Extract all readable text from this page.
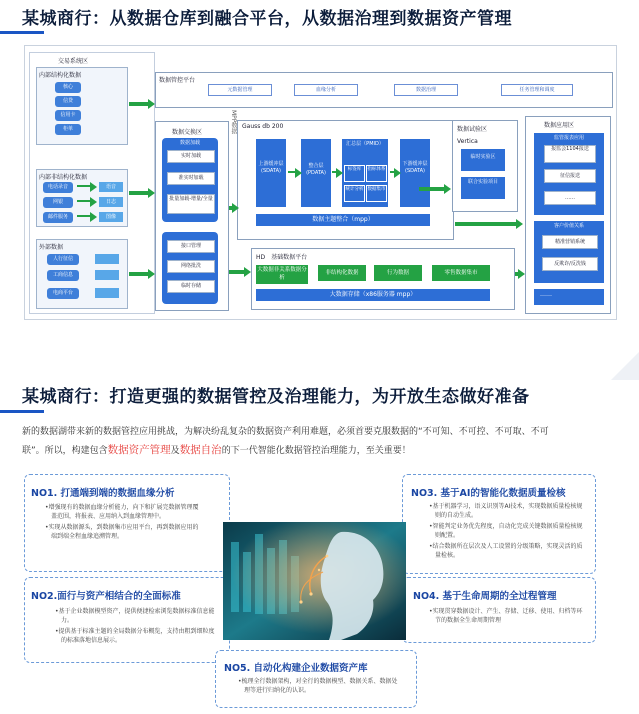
某城商行：从数据仓库到融合平台，从数据治理到数据资产管理
交易系统区
内部结构化数据
核心
信贷
信用卡
柜单
内部非结构化数据
电话录音
网银
邮件服务
语音
日志
图像
外部数据
人行征信
工商信息
电商平台
数据管控平台
元数据管理	血缘分析	数据治理	任务管理和调度
数据交换区
数据加载
实时加载
准实时加载
批量加载-增量/全量
接口管理
网络批洗
临时存储
MPP数据 Gauss db 200
上游缓冲层(SDATA)
整合层(PDATA)
汇总层（PMID）
标签库	指标体系
统计分析 数据集市
下游缓冲层(SDATA)
数据主题整合（mpp）
数据试验区
Vertica
临时实验区
联合实验项目
数据应用区
监管报表应用
报监会1104报送
征信报送
……
客户价值关系
精准营销系统
反欺诈/反洗钱
……
HD　基础数据平台
大数据非关系数据分析
非结构化数据	行为数据	零售数据集市
大数据存储（x86服务器 mpp）
某城商行：打造更强的数据管控及治理能力，为开放生态做好准备
新的数据湖带来新的数据管控应用挑战，为解决纷乱复杂的数据资产利用难题，必须首要克服数据的“不可知、不可控、不可取、不可
联”。所以，构建包含数据资产管理及数据自治的下一代智能化数据管控治理能力，至关重要！
NO1. 打通端到端的数据血缘分析

•增强现有的数据血缘分析能力，向下和扩展完数据管理覆盖范围，将报表、应用纳入到血缘管理中。

•实现从数据源头，到数据集市应用平台，再到数据应用的端到端全程血缘追溯管理。

NO2.面行与资产相结合的全面标准

•基于企业数据模型资产，提供便捷检索浏览数据标准信息能力。

•提供基于标准主题的全局数据分布概览，支持由粗到细粒度的标准落地信息展示。

NO3. 基于AI的智能化数据质量检核

•基于机器学习，语义识别等AI技术，实现数据质量检核规则的自动生成。

•智能判定业务优先程度，自动化完成关键数据质量检核规则配置。

•结合数据所在层次及人工设置的分级策略，实现灵活的质量检核。

NO4. 基于生命周期的全过程管理

•实现贯穿数据设计、产生、存储、迁移、使用、归档等环节的数据全生命周期管理

NO5. 自动化构建企业数据资产库

•梳理全行数据架构，对全行的数据模型、数据关系、数据处理等进行归纳化的认识。
